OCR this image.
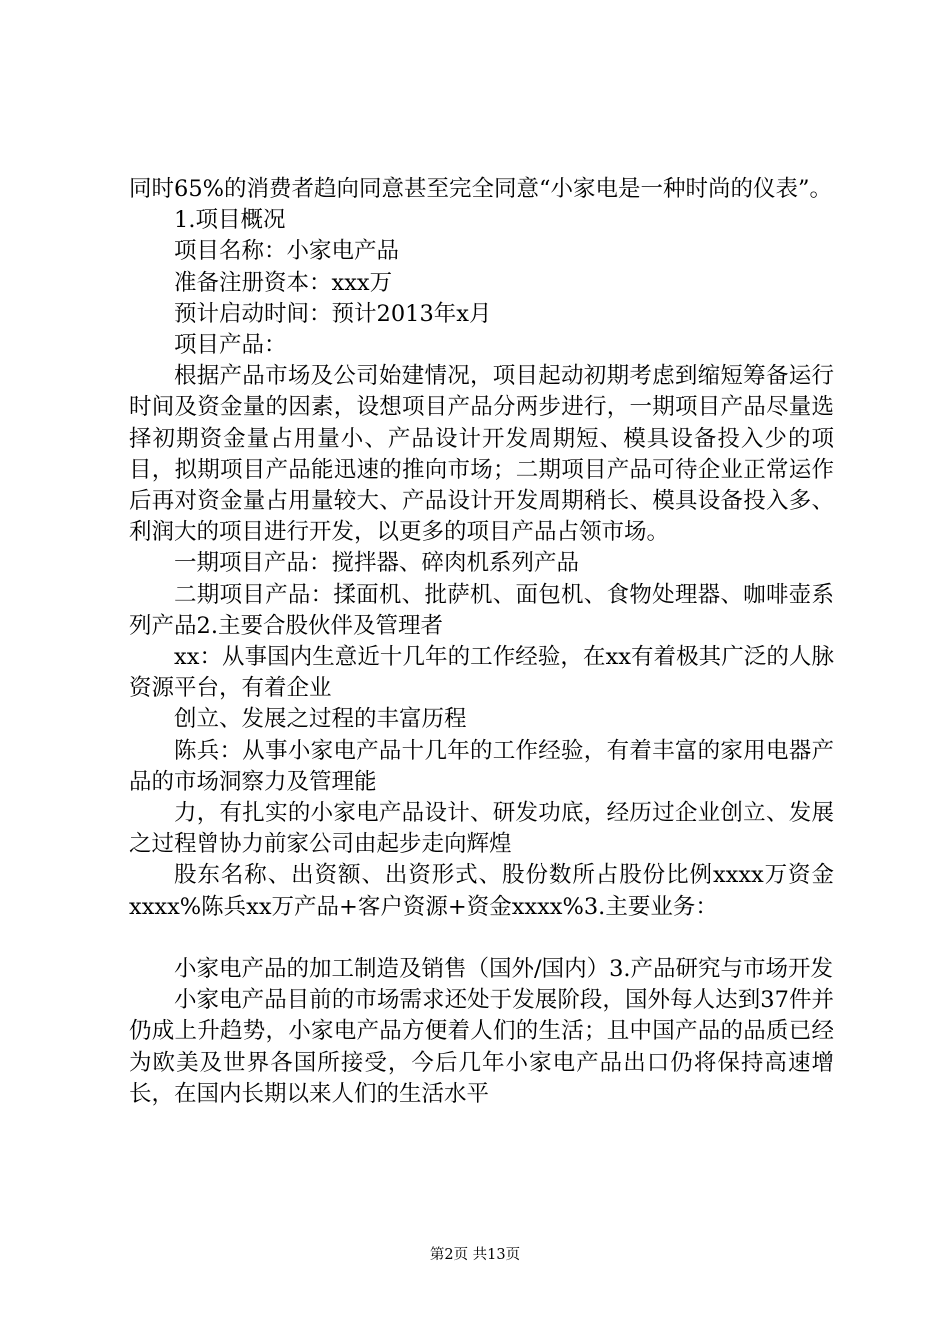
同时65%的消费者趋向同意甚至完全同意“小家电是一种时尚的仪表”。

1.项目概况

项目名称：小家电产品

准备注册资本：xxx万

预计启动时间：预计2013年x月

项目产品：

根据产品市场及公司始建情况，项目起动初期考虑到缩短筹备运行时间及资金量的因素，设想项目产品分两步进行，一期项目产品尽量选择初期资金量占用量小、产品设计开发周期短、模具设备投入少的项目，拟期项目产品能迅速的推向市场；二期项目产品可待企业正常运作后再对资金量占用量较大、产品设计开发周期稍长、模具设备投入多、利润大的项目进行开发，以更多的项目产品占领市场。

一期项目产品：搅拌器、碎肉机系列产品

二期项目产品：揉面机、批萨机、面包机、食物处理器、咖啡壶系列产品2.主要合股伙伴及管理者

xx：从事国内生意近十几年的工作经验，在xx有着极其广泛的人脉资源平台，有着企业

创立、发展之过程的丰富历程

陈兵：从事小家电产品十几年的工作经验，有着丰富的家用电器产品的市场洞察力及管理能

力，有扎实的小家电产品设计、研发功底，经历过企业创立、发展之过程曾协力前家公司由起步走向辉煌

股东名称、出资额、出资形式、股份数所占股份比例xxxx万资金xxxx%陈兵xx万产品+客户资源+资金xxxx%3.主要业务：

小家电产品的加工制造及销售（国外/国内）3.产品研究与市场开发

小家电产品目前的市场需求还处于发展阶段，国外每人达到37件并仍成上升趋势，小家电产品方便着人们的生活；且中国产品的品质已经为欧美及世界各国所接受，今后几年小家电产品出口仍将保持高速增长，在国内长期以来人们的生活水平

第2页 共13页
